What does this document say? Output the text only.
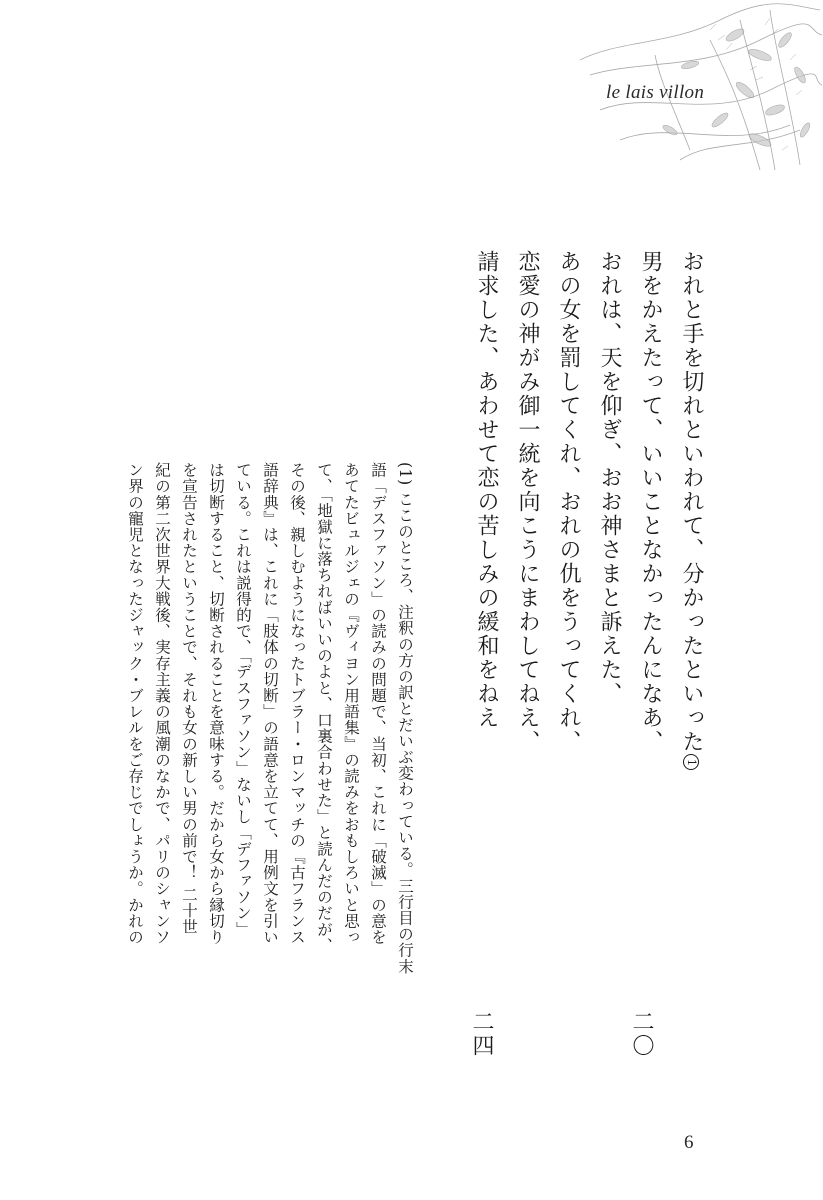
le lais villon
おれと手を切れといわれて、分かったといった1
男をかえたって、いいことなかったんになあ、
おれは、天を仰ぎ、おお神さまと訴えた、
あの女を罰してくれ、おれの仇をうってくれ、
恋愛の神がみ御一統を向こうにまわしてねえ、
請求した、あわせて恋の苦しみの緩和をねえ
二〇
二四
(1) ここのところ、注釈の方の訳とだいぶ変わっている。三行目の行末
語「デスファソン」の読みの問題で、当初、これに「破滅」の意を
あてたビュルジェの『ヴィヨン用語集』の読みをおもしろいと思っ
て、「地獄に落ちればいいのよと、口裏合わせた」と読んだのだが、
その後、親しむようになったトブラー・ロンマッチの『古フランス
語辞典』は、これに「肢体の切断」の語意を立てて、用例文を引い
ている。これは説得的で、「デスファソン」ないし「デファソン」
は切断すること、切断されることを意味する。だから女から縁切り
を宣告されたということで、それも女の新しい男の前で！ 二十世
紀の第二次世界大戦後、実存主義の風潮のなかで、パリのシャンソ
ン界の寵児となったジャック・ブレルをご存じでしょうか。かれの
6
